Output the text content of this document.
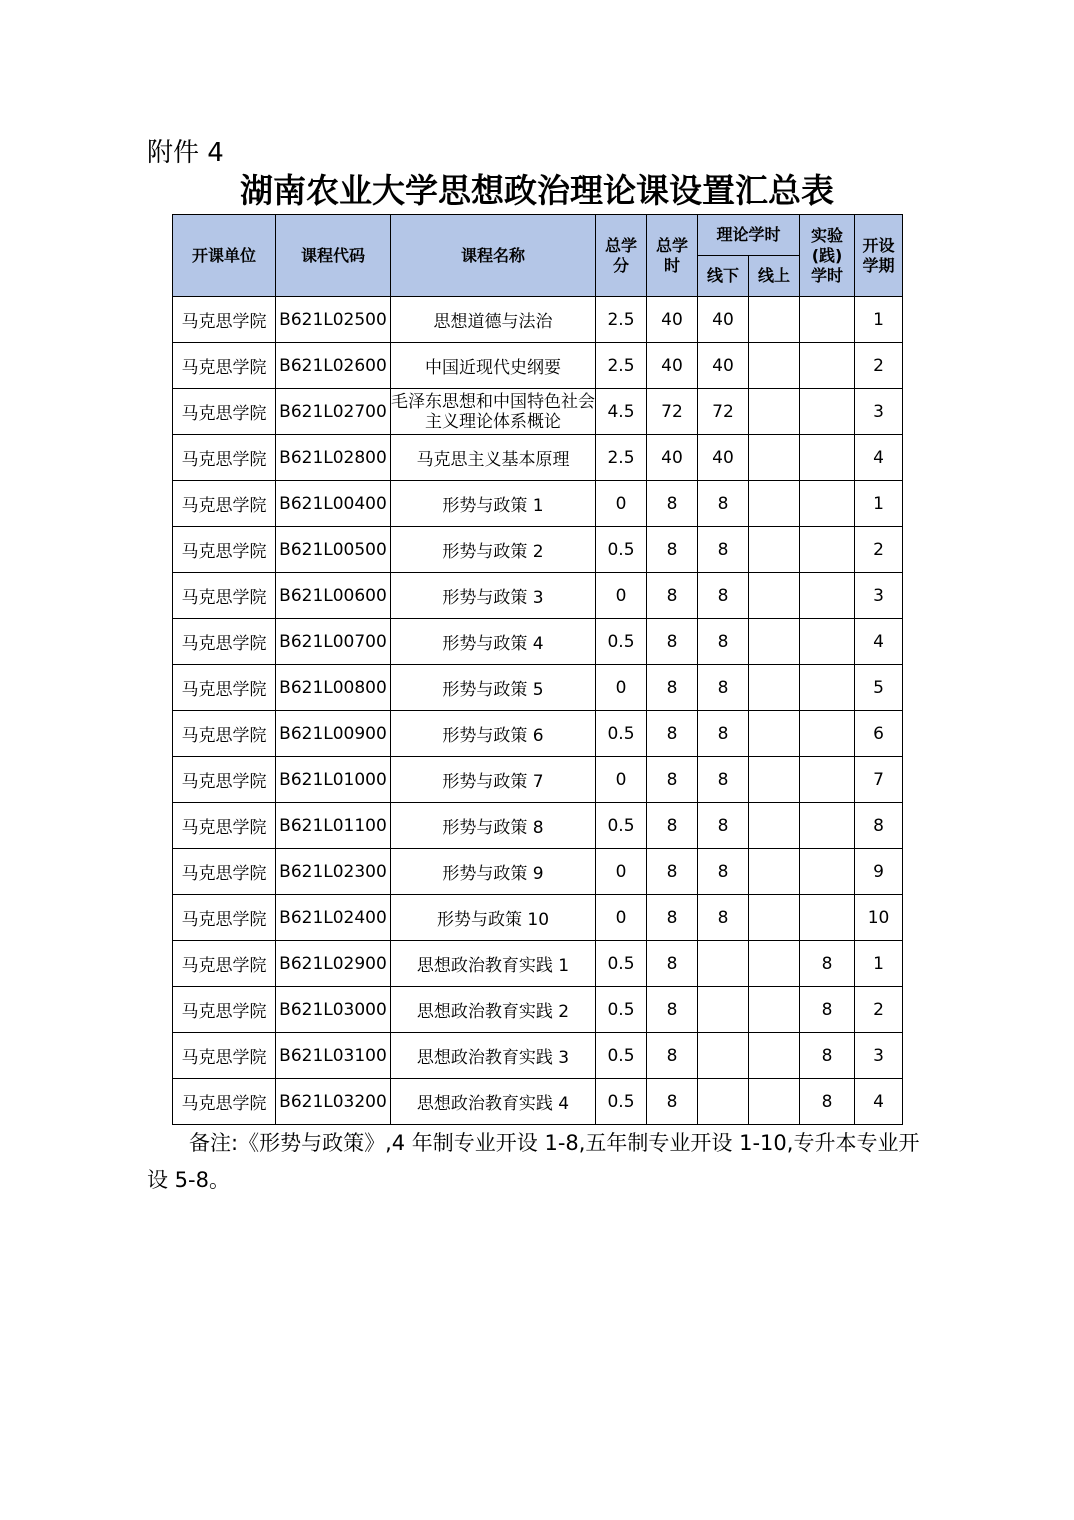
附件 4
湖南农业大学思想政治理论课设置汇总表
开课单位	课程代码	课程名称	总学分	总学时	理论学时		实验(践)学时	开设学期
					线下	线上		
马克思学院	B621L02500	思想道德与法治	2.5	40	40			1
马克思学院	B621L02600	中国近现代史纲要	2.5	40	40			2
马克思学院	B621L02700	毛泽东思想和中国特色社会主义理论体系概论	4.5	72	72			3
马克思学院	B621L02800	马克思主义基本原理	2.5	40	40			4
马克思学院	B621L00400	形势与政策 1	0	8	8			1
马克思学院	B621L00500	形势与政策 2	0.5	8	8			2
马克思学院	B621L00600	形势与政策 3	0	8	8			3
马克思学院	B621L00700	形势与政策 4	0.5	8	8			4
马克思学院	B621L00800	形势与政策 5	0	8	8			5
马克思学院	B621L00900	形势与政策 6	0.5	8	8			6
马克思学院	B621L01000	形势与政策 7	0	8	8			7
马克思学院	B621L01100	形势与政策 8	0.5	8	8			8
马克思学院	B621L02300	形势与政策 9	0	8	8			9
马克思学院	B621L02400	形势与政策 10	0	8	8			10
马克思学院	B621L02900	思想政治教育实践 1	0.5	8			8	1
马克思学院	B621L03000	思想政治教育实践 2	0.5	8			8	2
马克思学院	B621L03100	思想政治教育实践 3	0.5	8			8	3
马克思学院	B621L03200	思想政治教育实践 4	0.5	8			8	4
备注:《形势与政策》,4 年制专业开设 1-8,五年制专业开设 1-10,专升本专业开设 5-8。
